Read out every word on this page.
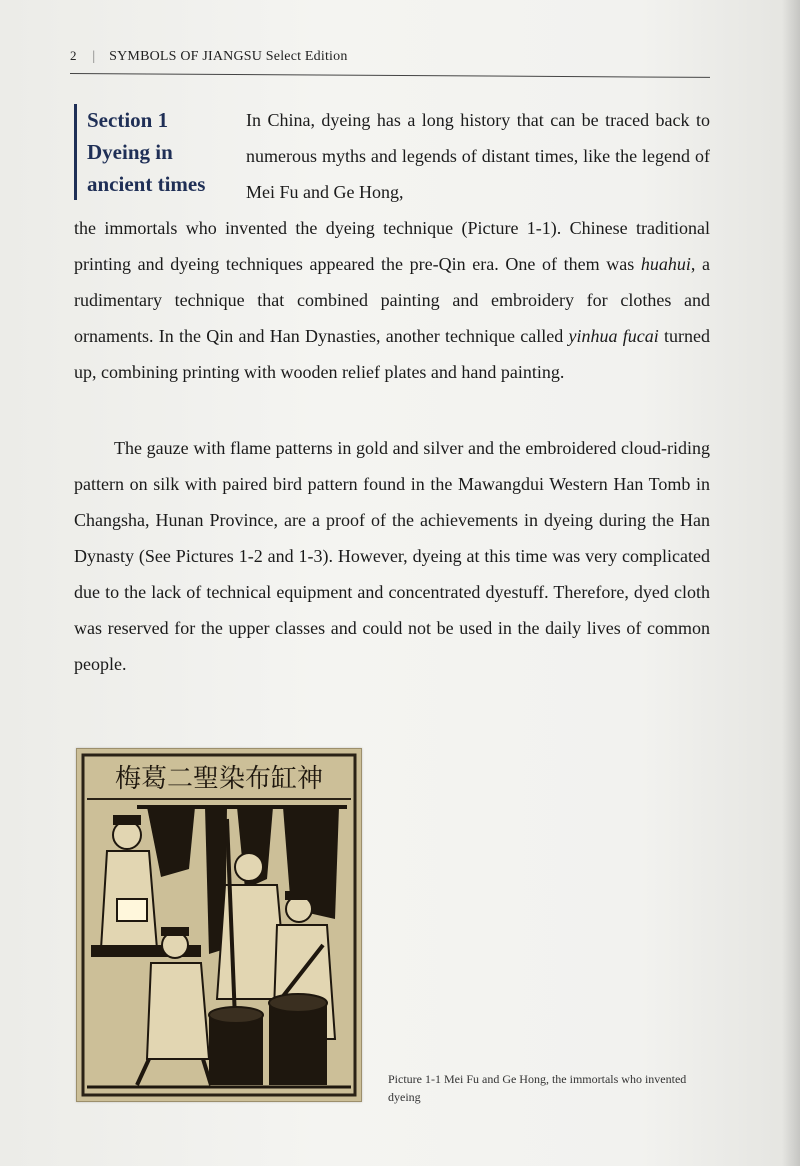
2 | SYMBOLS OF JIANGSU Select Edition
Section 1
Dyeing in
ancient times
In China, dyeing has a long history that can be traced back to numerous myths and legends of distant times, like the legend of Mei Fu and Ge Hong,
the immortals who invented the dyeing technique (Picture 1-1). Chinese traditional printing and dyeing techniques appeared the pre-Qin era. One of them was huahui, a rudimentary technique that combined painting and embroidery for clothes and ornaments. In the Qin and Han Dynasties, another technique called yinhua fucai turned up, combining printing with wooden relief plates and hand painting.
The gauze with flame patterns in gold and silver and the embroidered cloud-riding pattern on silk with paired bird pattern found in the Mawangdui Western Han Tomb in Changsha, Hunan Province, are a proof of the achievements in dyeing during the Han Dynasty (See Pictures 1-2 and 1-3). However, dyeing at this time was very complicated due to the lack of technical equipment and concentrated dyestuff. Therefore, dyed cloth was reserved for the upper classes and could not be used in the daily lives of common people.
梅葛二聖染布缸神
Picture 1-1 Mei Fu and Ge Hong, the immortals who invented dyeing
